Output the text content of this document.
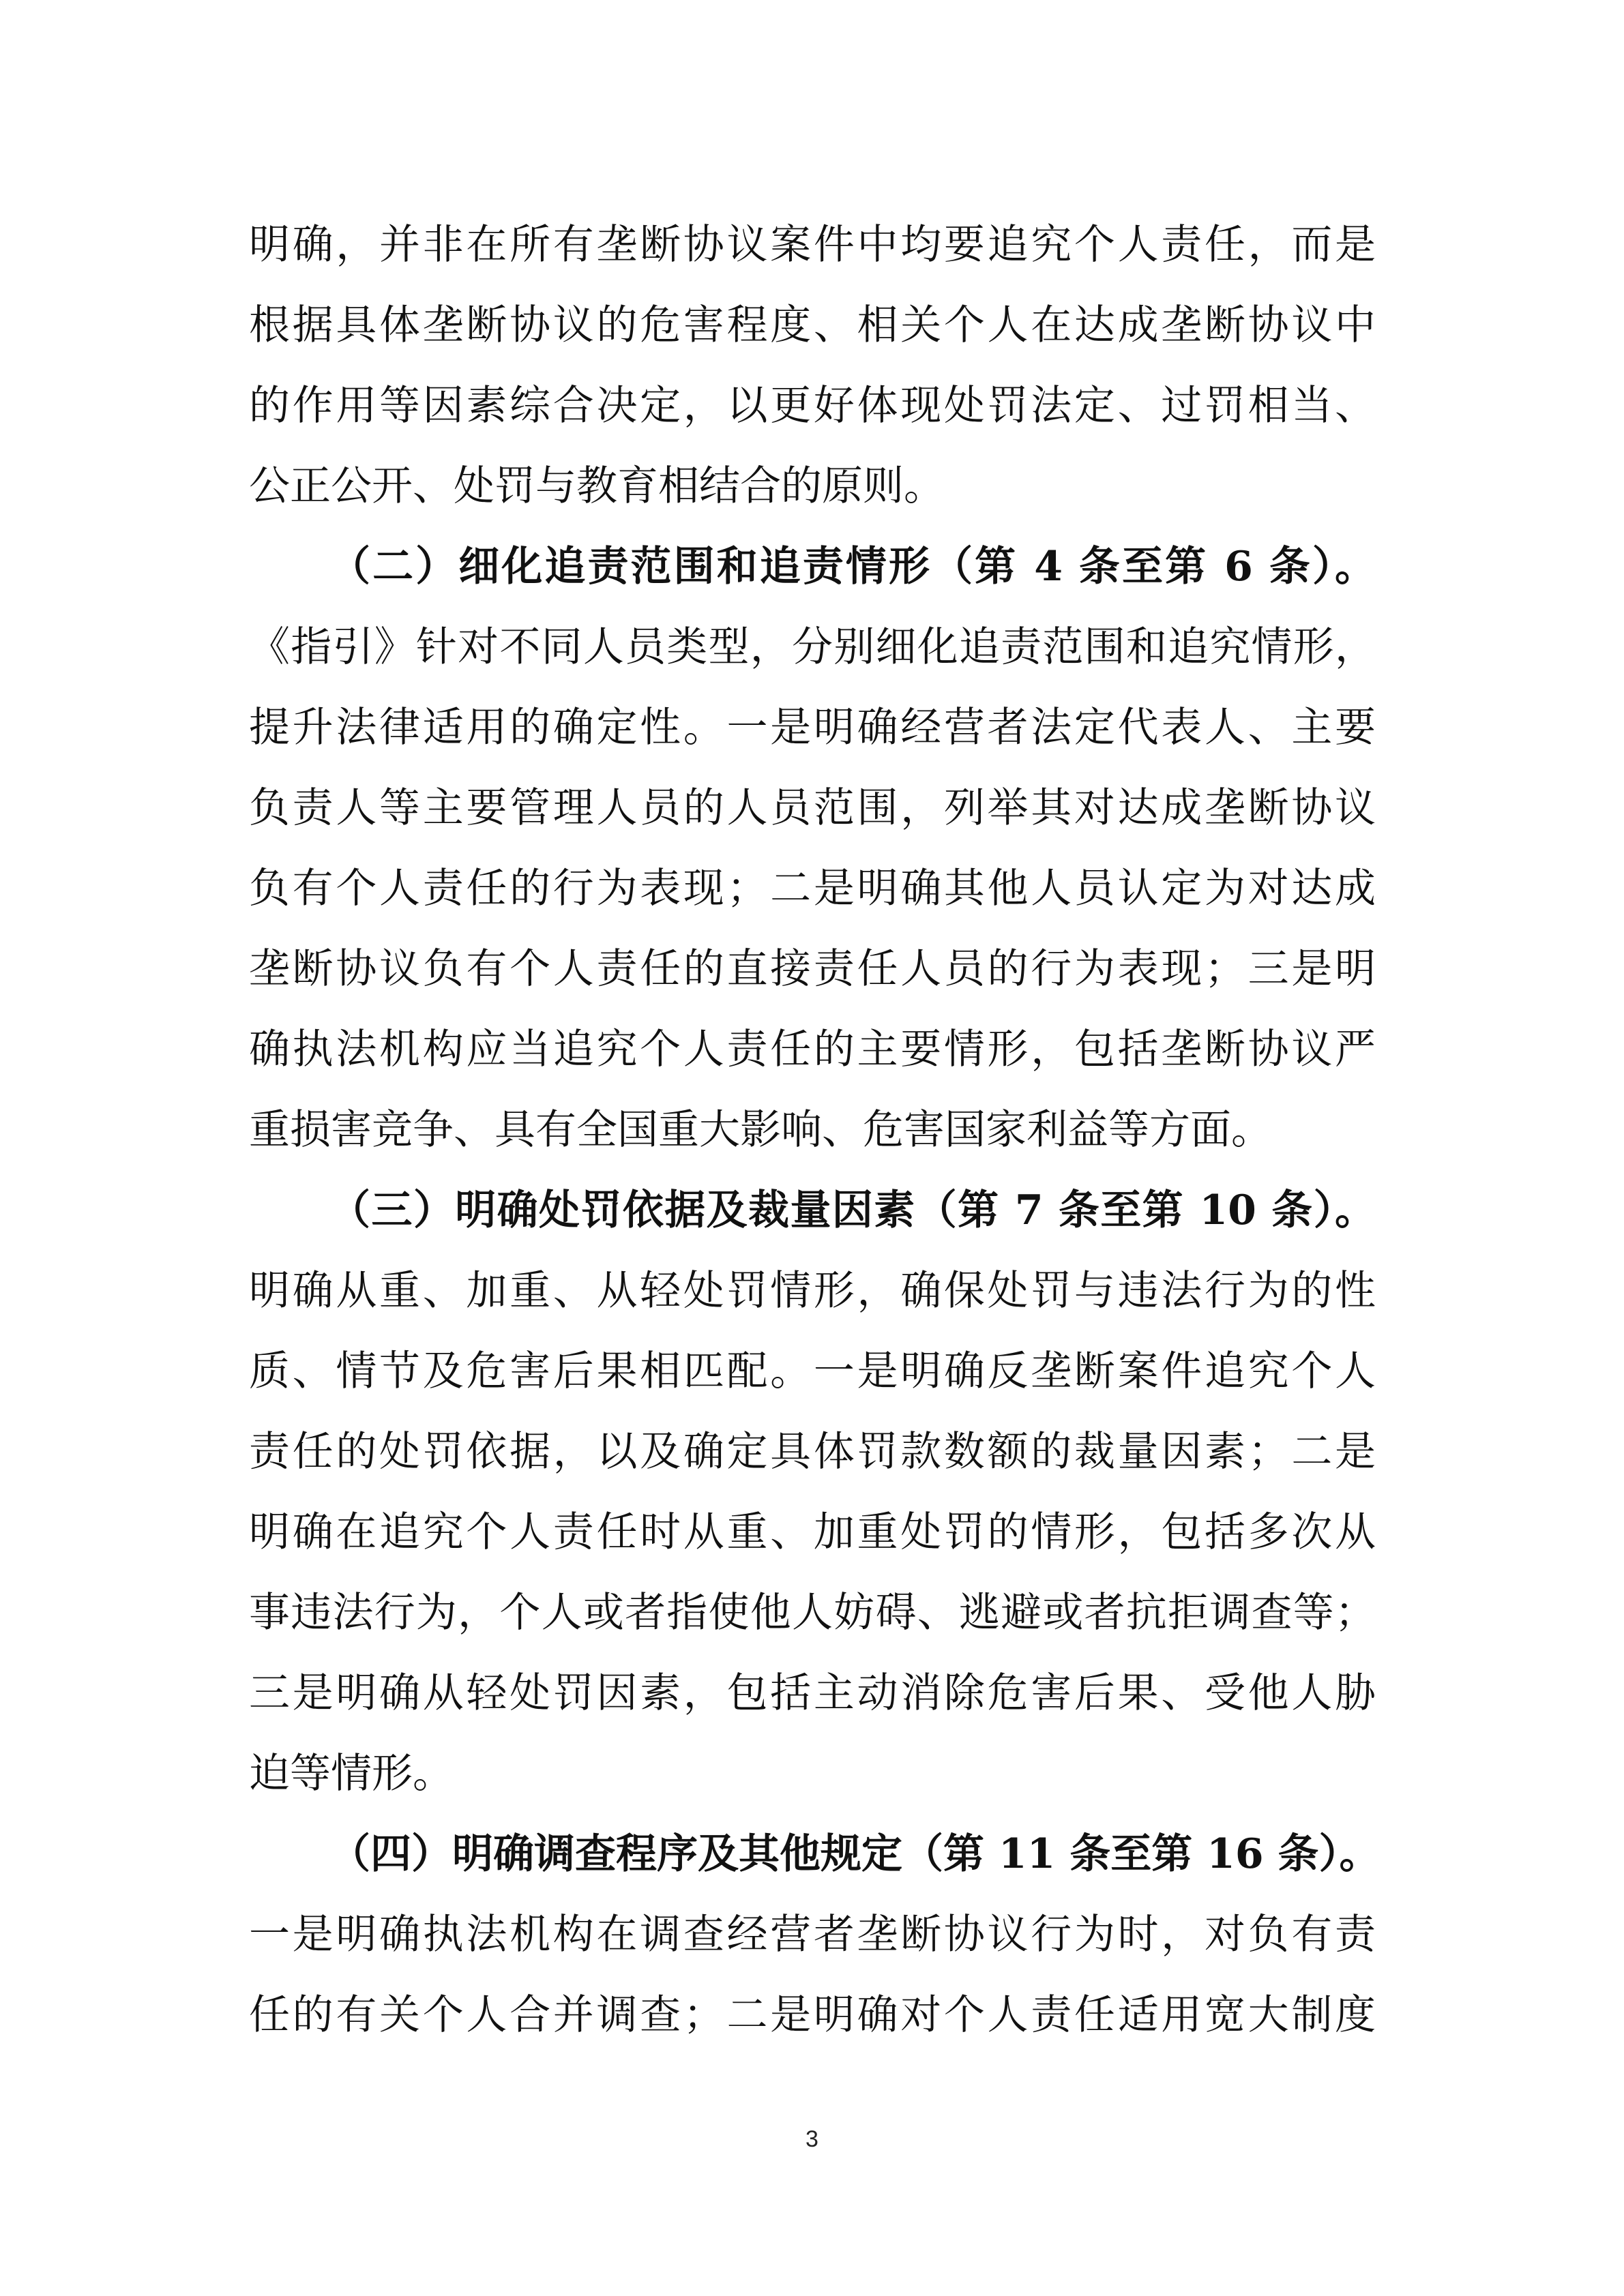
明确，并非在所有垄断协议案件中均要追究个人责任，而是
根据具体垄断协议的危害程度、相关个人在达成垄断协议中
的作用等因素综合决定，以更好体现处罚法定、过罚相当、
公正公开、处罚与教育相结合的原则。
（二）细化追责范围和追责情形（第 4 条至第 6 条）。
《指引》针对不同人员类型，分别细化追责范围和追究情形，
提升法律适用的确定性。一是明确经营者法定代表人、主要
负责人等主要管理人员的人员范围，列举其对达成垄断协议
负有个人责任的行为表现；二是明确其他人员认定为对达成
垄断协议负有个人责任的直接责任人员的行为表现；三是明
确执法机构应当追究个人责任的主要情形，包括垄断协议严
重损害竞争、具有全国重大影响、危害国家利益等方面。
（三）明确处罚依据及裁量因素（第 7 条至第 10 条）。
明确从重、加重、从轻处罚情形，确保处罚与违法行为的性
质、情节及危害后果相匹配。一是明确反垄断案件追究个人
责任的处罚依据，以及确定具体罚款数额的裁量因素；二是
明确在追究个人责任时从重、加重处罚的情形，包括多次从
事违法行为，个人或者指使他人妨碍、逃避或者抗拒调查等；
三是明确从轻处罚因素，包括主动消除危害后果、受他人胁
迫等情形。
（四）明确调查程序及其他规定（第 11 条至第 16 条）。
一是明确执法机构在调查经营者垄断协议行为时，对负有责
任的有关个人合并调查；二是明确对个人责任适用宽大制度
3
